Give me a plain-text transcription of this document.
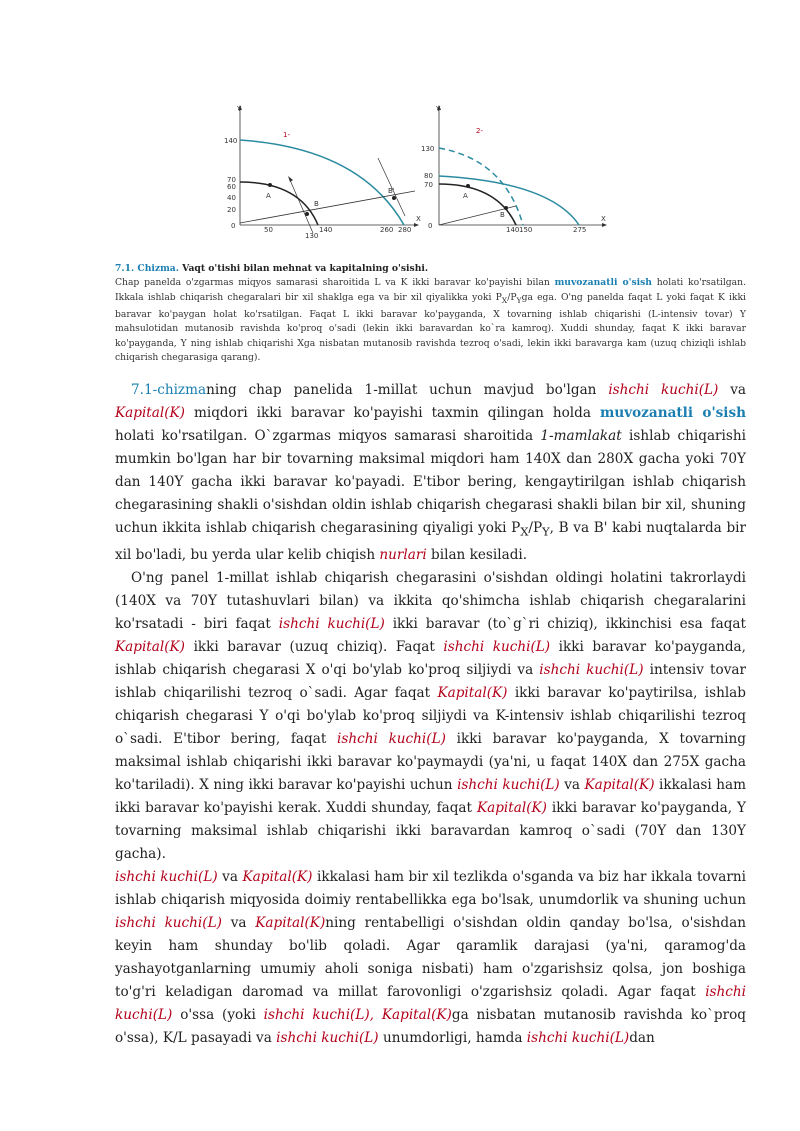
Y
X
1-
140
70
60
40
20
0	50
130
140	260 280
A
B
B'
Y
X
2-
130
80
70
0	140 150	275
A
B
7.1. Chizma. Vaqt o'tishi bilan mehnat va kapitalning o'sishi.
Chap panelda o'zgarmas miqyos samarasi sharoitida L va K ikki baravar ko'payishi bilan muvozanatli o'sish holati ko'rsatilgan. Ikkala ishlab chiqarish chegaralari bir xil shaklga ega va bir xil qiyalikka yoki $P_X/P_Yga$ ega. O'ng panelda faqat L yoki faqat K ikki baravar ko'paygan holat ko'rsatilgan. Faqat L ikki baravar ko'payganda, X tovarning ishlab chiqarishi (L-intensiv tovar) Y mahsulotidan mutanosib ravishda ko'proq o'sadi (lekin ikki baravardan ko`ra kamroq). Xuddi shunday, faqat K ikki baravar ko'payganda, Y ning ishlab chiqarishi Xga nisbatan mutanosib ravishda tezroq o'sadi, lekin ikki baravarga kam (uzuq chiziqli ishlab chiqarish chegarasiga qarang).

7.1-chizmaning chap panelida 1-millat uchun mavjud bo'lgan ishchi kuchi(L) va Kapital(K) miqdori ikki baravar ko'payishi taxmin qilingan holda muvozanatli o'sish holati ko'rsatilgan. O`zgarmas miqyos samarasi sharoitida 1-mamlakat ishlab chiqarishi mumkin bo'lgan har bir tovarning maksimal miqdori ham 140X dan 280X gacha yoki 70Y dan 140Y gacha ikki baravar ko'payadi. E'tibor bering, kengaytirilgan ishlab chiqarish chegarasining shakli o'sishdan oldin ishlab chiqarish chegarasi shakli bilan bir xil, shuning uchun ikkita ishlab chiqarish chegarasining qiyaligi yoki $P_X/P_Y$, B va B' kabi nuqtalarda bir xil bo'ladi, bu yerda ular kelib chiqish nurlari bilan kesiladi.

O'ng panel 1-millat ishlab chiqarish chegarasini o'sishdan oldingi holatini takrorlaydi (140X va 70Y tutashuvlari bilan) va ikkita qo'shimcha ishlab chiqarish chegaralarini ko'rsatadi - biri faqat ishchi kuchi(L) ikki baravar (to`g`ri chiziq), ikkinchisi esa faqat Kapital(K) ikki baravar (uzuq chiziq). Faqat ishchi kuchi(L) ikki baravar ko'payganda, ishlab chiqarish chegarasi X o'qi bo'ylab ko'proq siljiydi va ishchi kuchi(L) intensiv tovar ishlab chiqarilishi tezroq o`sadi. Agar faqat Kapital(K) ikki baravar ko'paytirilsa, ishlab chiqarish chegarasi Y o'qi bo'ylab ko'proq siljiydi va K-intensiv ishlab chiqarilishi tezroq o`sadi. E'tibor bering, faqat ishchi kuchi(L) ikki baravar ko'payganda, X tovarning maksimal ishlab chiqarishi ikki baravar ko'paymaydi (ya'ni, u faqat 140X dan 275X gacha ko'tariladi). X ning ikki baravar ko'payishi uchun ishchi kuchi(L) va Kapital(K) ikkalasi ham ikki baravar ko'payishi kerak. Xuddi shunday, faqat Kapital(K) ikki baravar ko'payganda, Y tovarning maksimal ishlab chiqarishi ikki baravardan kamroq o`sadi (70Y dan 130Y gacha).

ishchi kuchi(L) va Kapital(K) ikkalasi ham bir xil tezlikda o'sganda va biz har ikkala tovarni ishlab chiqarish miqyosida doimiy rentabellikka ega bo'lsak, unumdorlik va shuning uchun ishchi kuchi(L) va Kapital(K)ning rentabelligi o'sishdan oldin qanday bo'lsa, o'sishdan keyin ham shunday bo'lib qoladi. Agar qaramlik darajasi (ya'ni, qaramog'da yashayotganlarning umumiy aholi soniga nisbati) ham o'zgarishsiz qolsa, jon boshiga to'g'ri keladigan daromad va millat farovonligi o'zgarishsiz qoladi. Agar faqat ishchi kuchi(L) o'ssa (yoki ishchi kuchi(L), Kapital(K)ga nisbatan mutanosib ravishda ko`proq o'ssa), K/L pasayadi va ishchi kuchi(L) unumdorligi, hamda ishchi kuchi(L)dan
